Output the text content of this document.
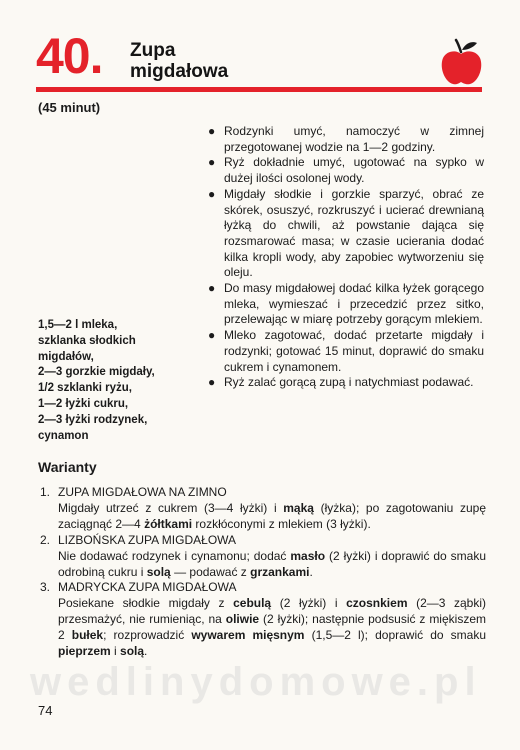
40. Zupa
migdałowa
(45 minut)
1,5—2 l mleka,
szklanka słodkich
migdałów,
2—3 gorzkie migdały,
1/2 szklanki ryżu,
1—2 łyżki cukru,
2—3 łyżki rodzynek,
cynamon
● Rodzynki umyć, namoczyć w zimnej przegotowanej wodzie na 1—2 godziny.
● Ryż dokładnie umyć, ugotować na sypko w dużej ilości osolonej wody.
● Migdały słodkie i gorzkie sparzyć, obrać ze skórek, osuszyć, rozkruszyć i ucierać drewnianą łyżką do chwili, aż powstanie dająca się rozsmarować masa; w czasie ucierania dodać kilka kropli wody, aby zapobiec wytworzeniu się oleju.
● Do masy migdałowej dodać kilka łyżek gorącego mleka, wymieszać i przecedzić przez sitko, przelewając w miarę potrzeby gorącym mlekiem.
● Mleko zagotować, dodać przetarte migdały i rodzynki; gotować 15 minut, doprawić do smaku cukrem i cynamonem.
● Ryż zalać gorącą zupą i natychmiast podawać.
Warianty
1. ZUPA MIGDAŁOWA NA ZIMNO
Migdały utrzeć z cukrem (3—4 łyżki) i mąką (łyżka); po zagotowaniu zupę zaciągnąć 2—4 żółtkami rozkłóconymi z mlekiem (3 łyżki).
2. LIZBOŃSKA ZUPA MIGDAŁOWA
Nie dodawać rodzynek i cynamonu; dodać masło (2 łyżki) i doprawić do smaku odrobiną cukru i solą — podawać z grzankami.
3. MADRYCKA ZUPA MIGDAŁOWA
Posiekane słodkie migdały z cebulą (2 łyżki) i czosnkiem (2—3 ząbki) przesmażyć, nie rumieniąc, na oliwie (2 łyżki); następnie podsusić z miękiszem 2 bułek; rozprowadzić wywarem mięsnym (1,5—2 l); doprawić do smaku pieprzem i solą.
wedlinydomowe.pl
74
